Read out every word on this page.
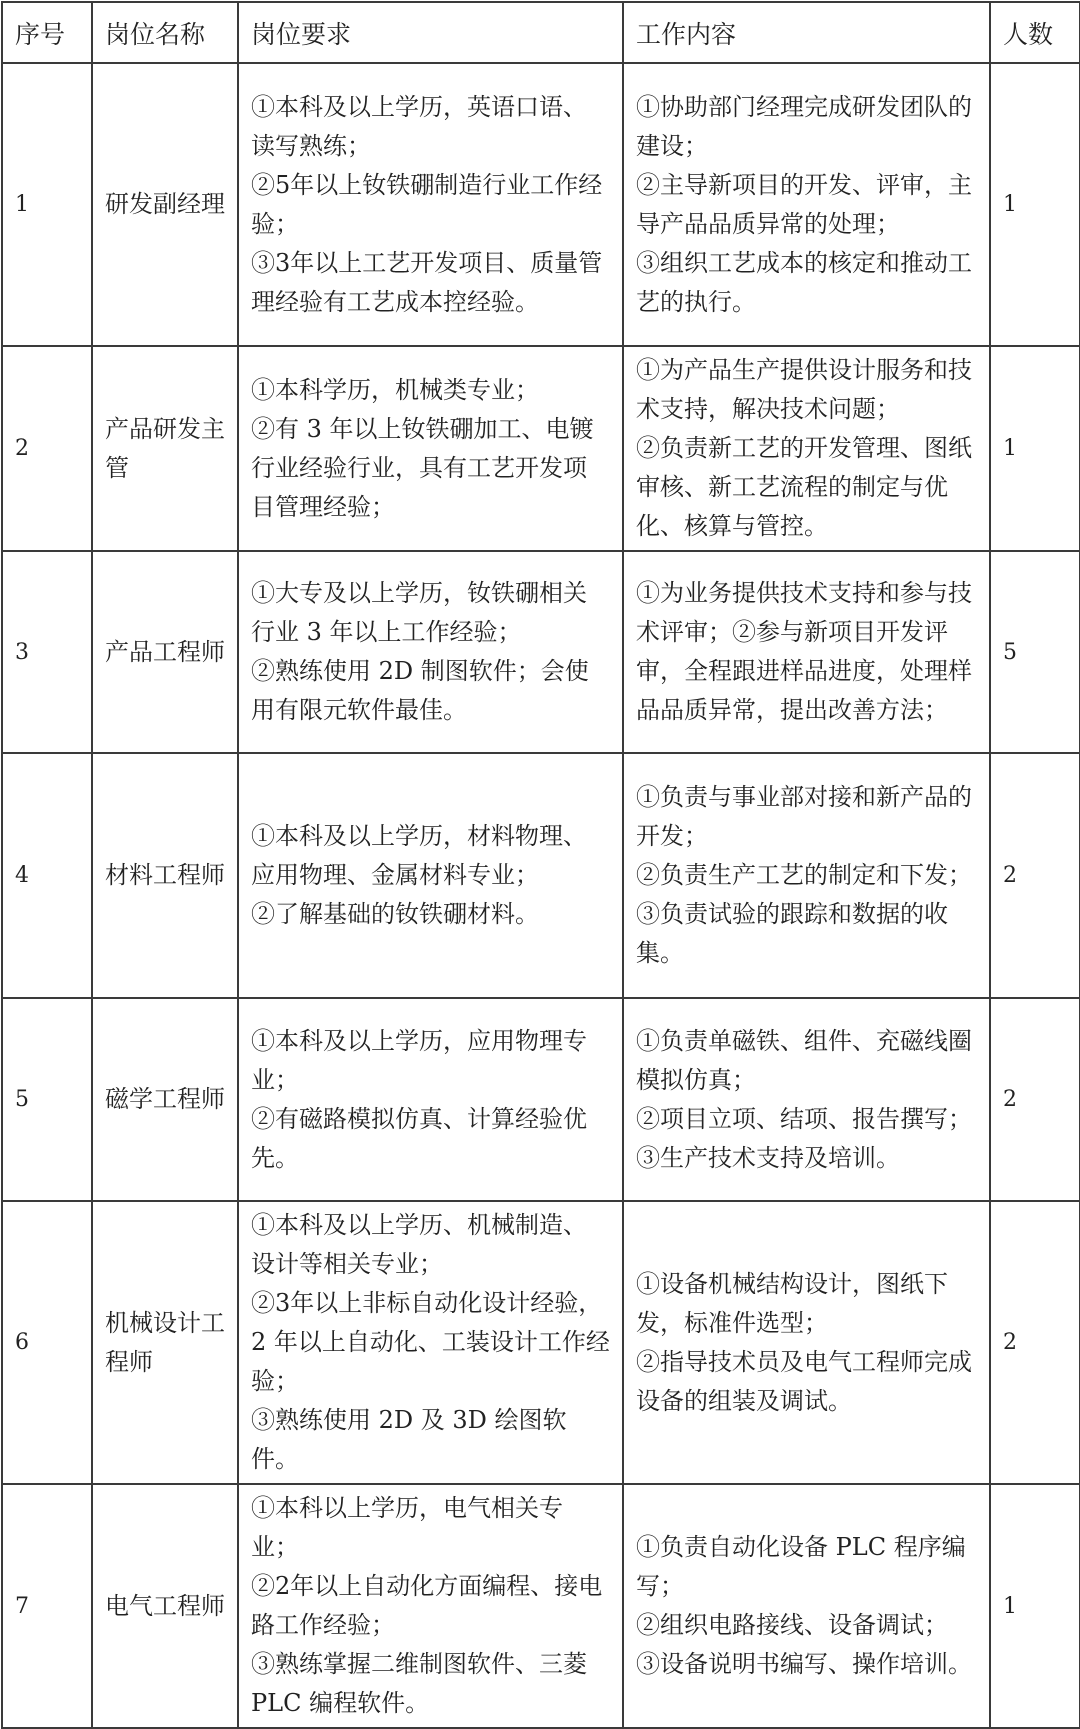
序号	岗位名称	岗位要求	工作内容	人数
1	研发副经理	①本科及以上学历，英语口语、读写熟练；
②5年以上钕铁硼制造行业工作经验；
③3年以上工艺开发项目、质量管理经验有工艺成本控经验。	①协助部门经理完成研发团队的建设；
②主导新项目的开发、评审，主导产品品质异常的处理；
③组织工艺成本的核定和推动工艺的执行。	1
2	产品研发主管	①本科学历，机械类专业；
②有 3 年以上钕铁硼加工、电镀行业经验行业，具有工艺开发项目管理经验；	①为产品生产提供设计服务和技术支持，解决技术问题；
②负责新工艺的开发管理、图纸审核、新工艺流程的制定与优化、核算与管控。	1
3	产品工程师	①大专及以上学历，钕铁硼相关行业 3 年以上工作经验；
②熟练使用 2D 制图软件；会使用有限元软件最佳。	①为业务提供技术支持和参与技术评审；②参与新项目开发评审，全程跟进样品进度，处理样品品质异常，提出改善方法；	5
4	材料工程师	①本科及以上学历，材料物理、应用物理、金属材料专业；
②了解基础的钕铁硼材料。	①负责与事业部对接和新产品的开发；
②负责生产工艺的制定和下发；
③负责试验的跟踪和数据的收集。	2
5	磁学工程师	①本科及以上学历，应用物理专业；
②有磁路模拟仿真、计算经验优先。	①负责单磁铁、组件、充磁线圈模拟仿真；
②项目立项、结项、报告撰写；
③生产技术支持及培训。	2
6	机械设计工程师	①本科及以上学历、机械制造、设计等相关专业；
②3年以上非标自动化设计经验，2 年以上自动化、工装设计工作经验；
③熟练使用 2D 及 3D 绘图软件。	①设备机械结构设计，图纸下发，标准件选型；
②指导技术员及电气工程师完成设备的组装及调试。	2
7	电气工程师	①本科以上学历，电气相关专业；
②2年以上自动化方面编程、接电路工作经验；
③熟练掌握二维制图软件、三菱 PLC 编程软件。	①负责自动化设备 PLC 程序编写；
②组织电路接线、设备调试；
③设备说明书编写、操作培训。	1
